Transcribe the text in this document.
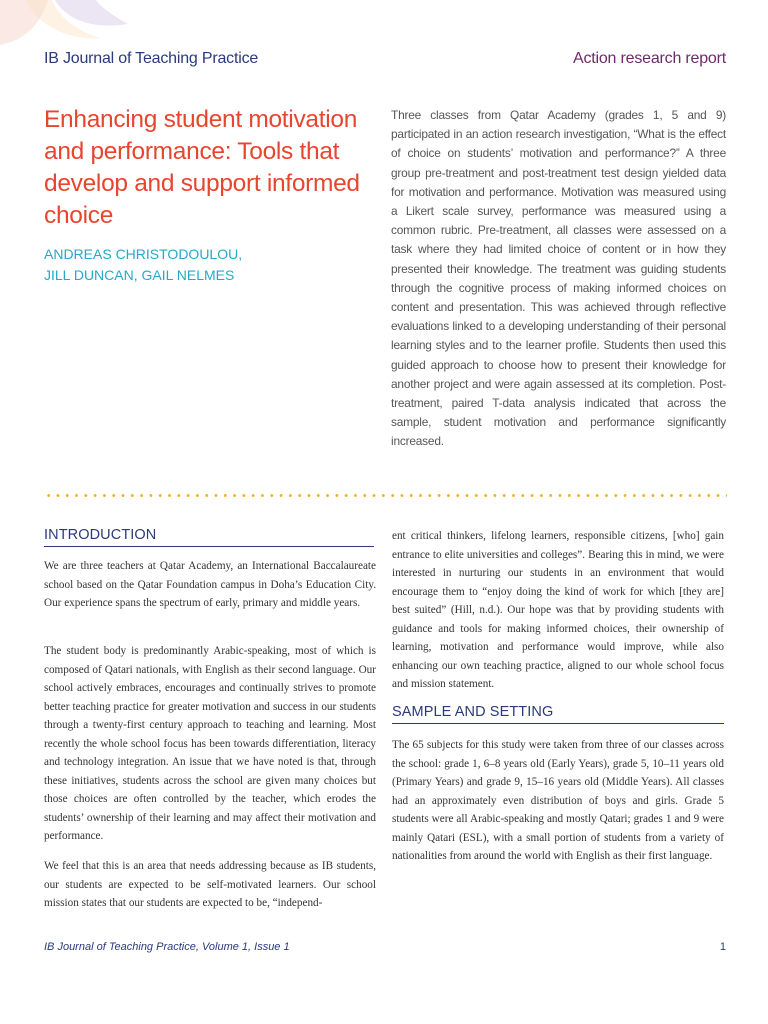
IB Journal of Teaching Practice	Action research report
Enhancing student motivation and performance: Tools that develop and support informed choice
ANDREAS CHRISTODOULOU,
JILL DUNCAN, GAIL NELMES

Three classes from Qatar Academy (grades 1, 5 and 9) participated in an action research investigation, “What is the effect of choice on students’ motivation and performance?” A three group pre-treatment and post-treatment test design yielded data for motivation and performance. Motivation was measured using a Likert scale survey, performance was measured using a common rubric. Pre-treatment, all classes were assessed on a task where they had limited choice of content or in how they presented their knowledge. The treatment was guiding students through the cognitive process of making informed choices on content and presentation. This was achieved through reflective evaluations linked to a developing understanding of their personal learning styles and to the learner profile. Students then used this guided approach to choose how to present their knowledge for another project and were again assessed at its completion. Post-treatment, paired T-data analysis indicated that across the sample, student motivation and performance significantly increased.

INTRODUCTION

We are three teachers at Qatar Academy, an International Baccalaureate school based on the Qatar Foundation campus in Doha’s Education City. Our experience spans the spectrum of early, primary and middle years.

The student body is predominantly Arabic-speaking, most of which is composed of Qatari nationals, with English as their second language. Our school actively embraces, encourages and continually strives to promote better teaching practice for greater motivation and success in our students through a twenty-first century approach to teaching and learning. Most recently the whole school focus has been towards differentiation, literacy and technology integration. An issue that we have noted is that, through these initiatives, students across the school are given many choices but those choices are often controlled by the teacher, which erodes the students’ ownership of their learning and may affect their motivation and performance.

We feel that this is an area that needs addressing because as IB students, our students are expected to be self-motivated learners. Our school mission states that our students are expected to be, “independ-

ent critical thinkers, lifelong learners, responsible citizens, [who] gain entrance to elite universities and colleges”. Bearing this in mind, we were interested in nurturing our students in an environment that would encourage them to “enjoy doing the kind of work for which [they are] best suited” (Hill, n.d.). Our hope was that by providing students with guidance and tools for making informed choices, their ownership of learning, motivation and performance would improve, while also enhancing our own teaching practice, aligned to our whole school focus and mission statement.

SAMPLE AND SETTING

The 65 subjects for this study were taken from three of our classes across the school: grade 1, 6–8 years old (Early Years), grade 5, 10–11 years old (Primary Years) and grade 9, 15–16 years old (Middle Years). All classes had an approximately even distribution of boys and girls. Grade 5 students were all Arabic-speaking and mostly Qatari; grades 1 and 9 were mainly Qatari (ESL), with a small portion of students from a variety of nationalities from around the world with English as their first language.

IB Journal of Teaching Practice, Volume 1, Issue 1	1
